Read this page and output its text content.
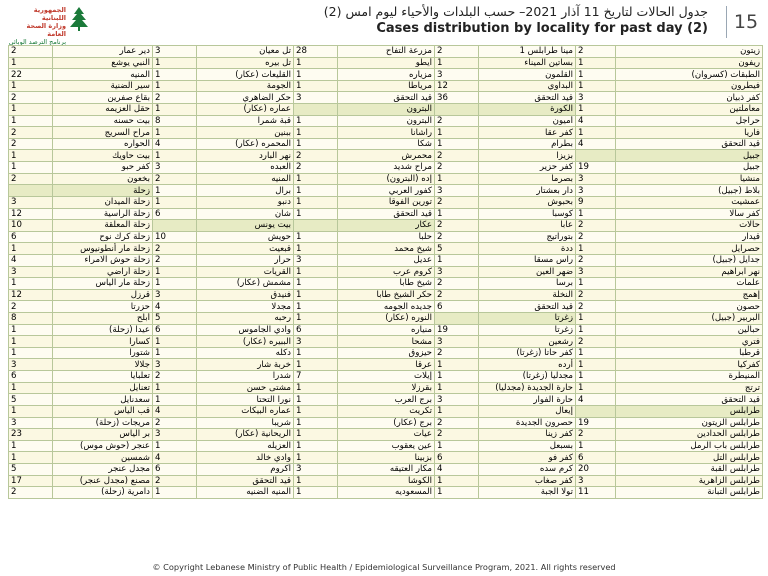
الجمهورية اللبنانية
وزارة الصحة العامة
برنامج الترصد الوبائي
جدول الحالات لتاريخ 11 آذار 2021– حسب البلدات والأحياء ليوم امس (2)
Cases distribution by locality for past day (2)	15
2	دير عمار	3	تل معيان	28	مزرعة التفاح	2	مينا طرابلس 1	2	زيتون
1	النبي يوشع	1	تل بيره	1	أيطو	1	بساتين الميناء	1	ريفون
22	المنيه	1	القليعات (عكار)	1	مزياره	3	القلمون	1	الطبقات (كسروان)
1	سير الضنية	1	الجومة	1	مرياطا	12	البداوي	1	فيطرون
2	بقاع صفرين	2	حكر الضاهري	3	قيد التحقق	36	قيد التحقق	3	كفر ذبيان
1	حقل العزيمه	1	عماره (عكار)		البترون		الكورة	1	معاملتين
1	بيت حسنه	8	قبة شمرا	1	البترون	2	أميون	4	حراجل
2	مراح السريج	1	ببنين	1	راشانا	1	كفر عقا	1	فاريا
2	الحواره	4	المحمره (عكار)	1	شكا	1	بطرام	4	قيد التحقق
1	بيت حاويك	1	نهر البارد	2	محمرش	2	بزيزا		جبيل
1	كفر حبو	3	العبده	2	مراح شديد	2	كفر حزير	19	جبيل
2	بخعون	2	المنيه	1	إده (البترون)	1	بصرما	3	منشيا
	زحلة	1	برال	1	كفور العربي	3	دار بعشتار	3	بلاط (جبيل)
3	زحلة الميدان	1	دنبو	1	تورين الفوقا	2	بحبوش	9	عمشيت
12	زحلة الراسية	6	شان	1	قيد التحقق	1	كوسبا	1	كفر سالا
10	زحلة المعلقة		بيت يونس		عكار	2	عابا	2	حالات
6	زحلة كرك نوح	10	حويش	1	حلبا	2	بتوراتيج	2	قيدار
1	زحلة مار أنطونيوس	2	قبعيت	1	شيخ محمد	5	ددة	1	حصرايل
4	زحلة حوش الامراء	2	حرار	3	عديل	1	راس مسقا	2	جدايل (جبيل)
3	زحلة أراضي	1	القريات	1	كروم عرب	3	ضهر العين	3	نهر ابراهيم
1	زحلة مار الياس	1	مشمش (عكار)	1	شيخ طابا	2	برسا	1	علمات
12	قرزل	3	فنيدق	1	حكر الشيخ طابا	2	النخلة	2	إهمج
2	حزرتا	4	مجدلا	1	جديده الجومه	6	قيد التحقق	2	حصون
8	أبلح	5	رحبه	1	النوره (عكار)		زغرتا	1	البربير (جبيل)
1	عيدا (زحلة)	6	وادي الجاموس	6	منياره	19	زغرتا	1	حبالين
1	كسارا	1	الببيره (عكار)	3	مشحا	3	رشعين	2	فتري
1	شتورا	1	دكله	1	حيزوق	2	كفر حاتا (زغرتا)	1	قرطبا
3	جلالا	3	خربة شار	1	عرقا	1	أرده	1	كفركيا
6	تعلبايا	2	شدرا	7	إيلات	1	مجدليا (زغرتا)	1	المنيطرة
1	تعنايل	1	مشتى حسن	1	بقرزلا	1	حارة الجديدة (مجدليا)	1	ترتج
5	سعدنايل	1	نورا التحتا	1	برج العرب	3	حارة الفوار	4	قيد التحقق
1	قب الياس	4	عماره البيكات	1	تكريت	1	إيعال		طرابلس
3	مريجات (زحلة)	2	شريبا	1	برج (عكار)	2	حصرون الجديدة	19	طرابلس الزيتون
23	بر الياس	3	الريحانية (عكار)	1	عيات	2	كفر زينا	2	طرابلس الحدادين
1	عنجر (حوش موس)	1	العزيله	1	عين يعقوب	1	بسبعل	1	طرابلس باب الرمل
1	شمسين	4	وادي خالد	1	بزبينا	6	كفر فو	6	طرابلس التل
5	مجدل عنجر	6	أكروم	3	مكار العتيقه	4	كرم سده	20	طرابلس القبة
17	مصنع (مجدل عنجر)	2	قيد التحقق	1	الكوشا	1	كفر صغاب	3	طرابلس الزاهرية
2	دامرية (زحلة)	1	المنيه الضنيه	1	المسعوديه	1	تولا الجبة	11	طرابلس التبانة
© Copyright Lebanese Ministry of Public Health / Epidemiological Surveillance Program, 2021. All rights reserved
